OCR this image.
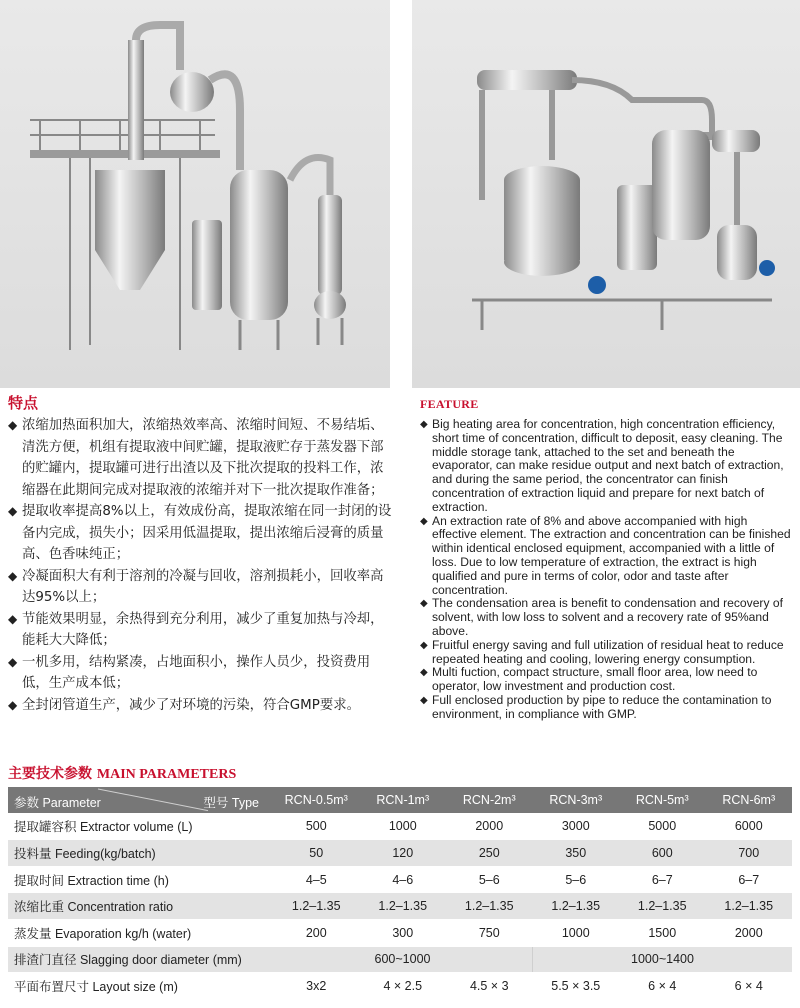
特点
◆ 浓缩加热面积加大，浓缩热效率高、浓缩时间短、不易结垢、清洗方便，机组有提取液中间贮罐，提取液贮存于蒸发器下部的贮罐内，提取罐可进行出渣以及下批次提取的投料工作，浓缩器在此期间完成对提取液的浓缩并对下一批次提取作准备；
◆ 提取收率提高8%以上，有效成份高，提取浓缩在同一封闭的设备内完成，损失小；因采用低温提取，提出浓缩后浸膏的质量高、色香味纯正；
◆ 冷凝面积大有利于溶剂的冷凝与回收，溶剂损耗小，回收率高达95%以上；
◆ 节能效果明显，余热得到充分利用，减少了重复加热与冷却，能耗大大降低；
◆ 一机多用，结构紧凑，占地面积小，操作人员少，投资费用低，生产成本低；
◆ 全封闭管道生产，减少了对环境的污染，符合GMP要求。
FEATURE
◆ Big heating area for concentration, high concentration efficiency, short time of concentration, difficult to deposit, easy cleaning. The middle storage tank, attached to the set and beneath the evaporator, can make residue output and next batch of extraction, and during the same period, the concentrator can finish concentration of extraction liquid and prepare for next batch of extraction.
◆ An extraction rate of 8% and above accompanied with high effective element. The extraction and concentration can be finished within identical enclosed equipment, accompanied with a little of loss. Due to low temperature of extraction, the extract is high qualified and pure in terms of color, odor and taste after concentration.
◆ The condensation area is benefit to condensation and recovery of solvent, with low loss to solvent and a recovery rate of 95%and above.
◆ Fruitful energy saving and full utilization of residual heat to reduce repeated heating and cooling, lowering energy consumption.
◆ Multi fuction, compact structure, small floor area, low need to operator, low investment and production cost.
◆ Full enclosed production by pipe to reduce the contamination to environment, in compliance with GMP.
主要技术参数 MAIN PARAMETERS
参数 Parameter 型号 Type	RCN-0.5m³	RCN-1m³	RCN-2m³	RCN-3m³	RCN-5m³	RCN-6m³
提取罐容积 Extractor volume (L)	500	1000	2000	3000	5000	6000
投料量 Feeding(kg/batch)	50	120	250	350	600	700
提取时间 Extraction time (h)	4–5	4–6	5–6	5–6	6–7	6–7
浓缩比重 Concentration ratio	1.2–1.35	1.2–1.35	1.2–1.35	1.2–1.35	1.2–1.35	1.2–1.35
蒸发量 Evaporation kg/h (water)	200	300	750	1000	1500	2000
排渣门直径 Slagging door diameter (mm)	600~1000			1000~1400		
平面布置尺寸 Layout size (m)	3x2	4 × 2.5	4.5 × 3	5.5 × 3.5	6 × 4	6 × 4
